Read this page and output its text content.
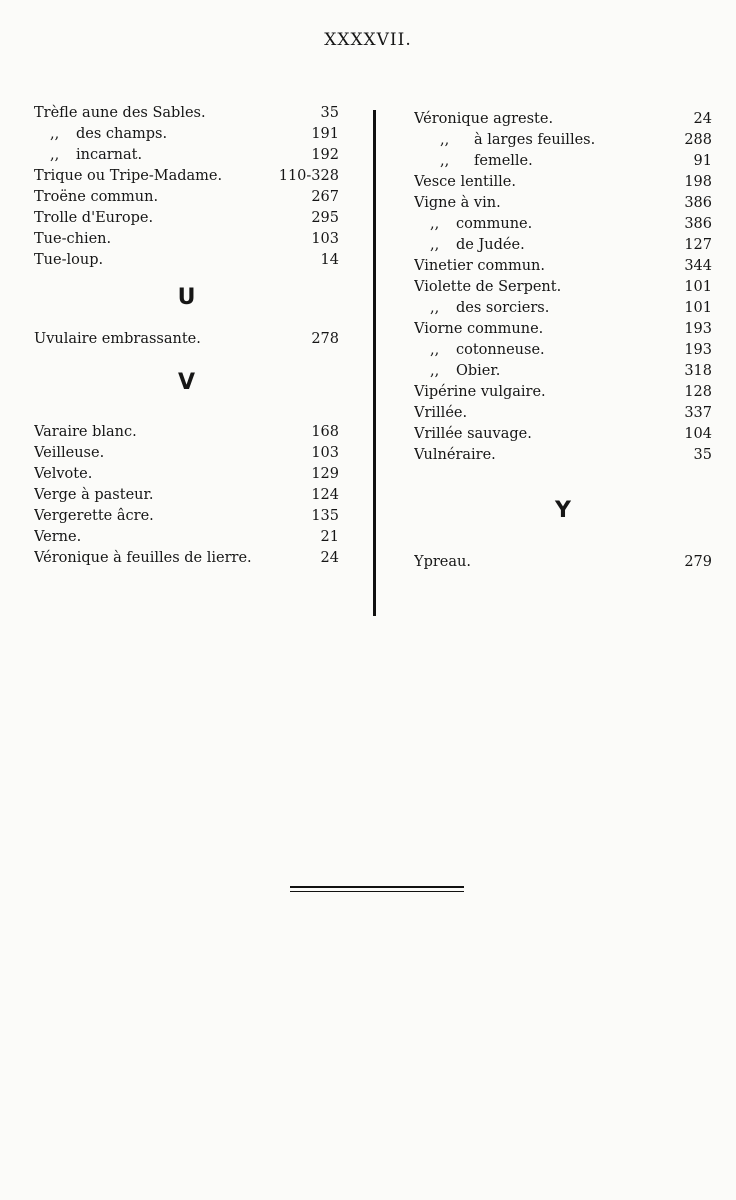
XXXXVII.
Trèfle aune des Sables.	35
,, des champs.	191
,, incarnat.	192
Trique ou Tripe-Madame.	110-328
Troëne commun.	267
Trolle d'Europe.	295
Tue-chien.	103
Tue-loup.	14
U
Uvulaire embrassante.	278
V
Varaire blanc.	168
Veilleuse.	103
Velvote.	129
Verge à pasteur.	124
Vergerette âcre.	135
Verne.	21
Véronique à feuilles de lierre.	24
Véronique agreste.	24
,, à larges feuilles.	288
,, femelle.	91
Vesce lentille.	198
Vigne à vin.	386
,, commune.	386
,, de Judée.	127
Vinetier commun.	344
Violette de Serpent.	101
,, des sorciers.	101
Viorne commune.	193
,, cotonneuse.	193
,, Obier.	318
Vipérine vulgaire.	128
Vrillée.	337
Vrillée sauvage.	104
Vulnéraire.	35
Y
Ypreau.	279
